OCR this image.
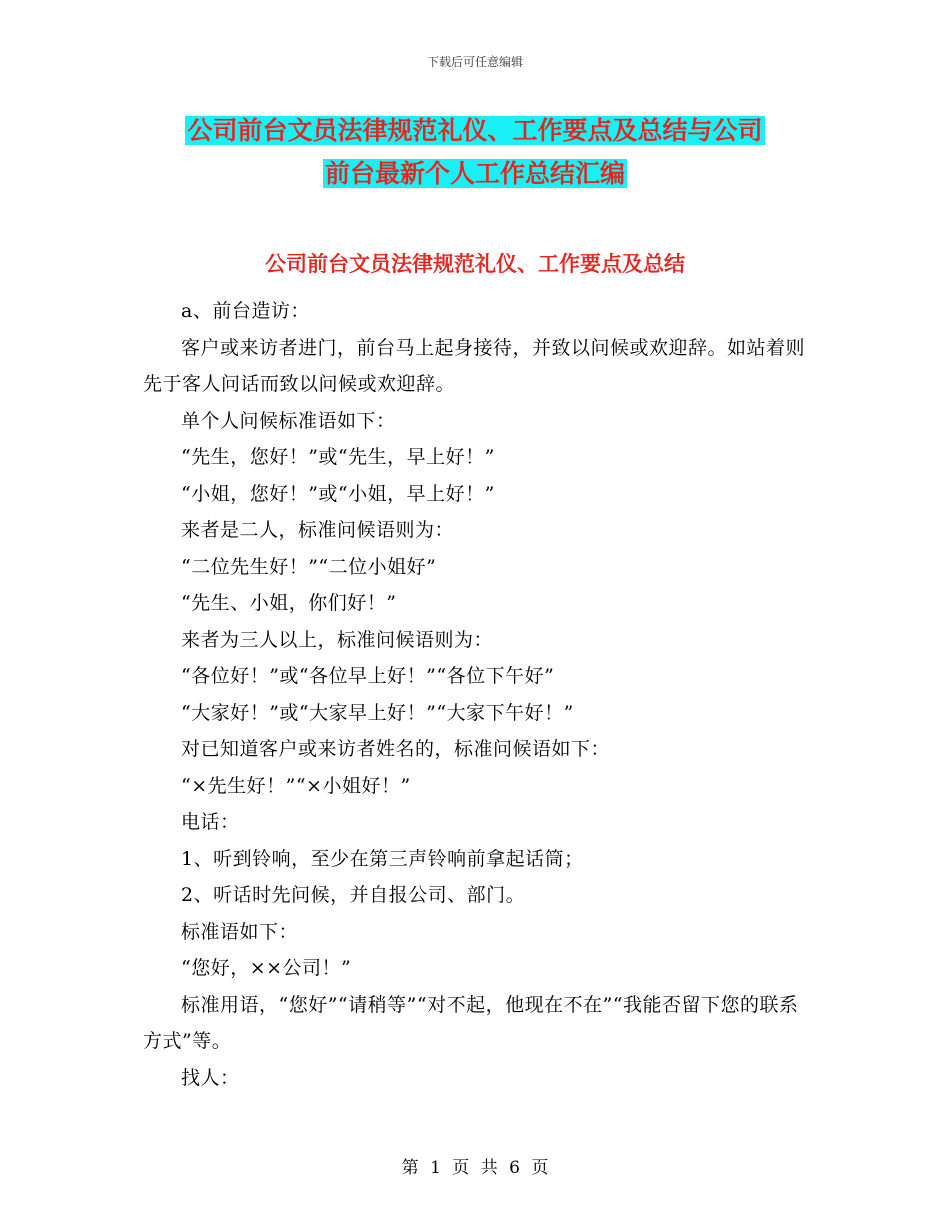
下载后可任意编辑
公司前台文员法律规范礼仪、工作要点及总结与公司
前台最新个人工作总结汇编
公司前台文员法律规范礼仪、工作要点及总结

a、前台造访：

客户或来访者进门，前台马上起身接待，并致以问候或欢迎辞。如站着则先于客人问话而致以问候或欢迎辞。

单个人问候标准语如下：

“先生，您好！”或“先生，早上好！”

“小姐，您好！”或“小姐，早上好！”

来者是二人，标准问候语则为：

“二位先生好！”“二位小姐好”

“先生、小姐，你们好！”

来者为三人以上，标准问候语则为：

“各位好！”或“各位早上好！”“各位下午好”

“大家好！”或“大家早上好！”“大家下午好！”

对已知道客户或来访者姓名的，标准问候语如下：

“×先生好！”“×小姐好！”

电话：

1、听到铃响，至少在第三声铃响前拿起话筒；

2、听话时先问候，并自报公司、部门。

标准语如下：

“您好，××公司！”

标准用语，“您好”“请稍等”“对不起，他现在不在”“我能否留下您的联系方式”等。

找人：

第 1 页 共 6 页
